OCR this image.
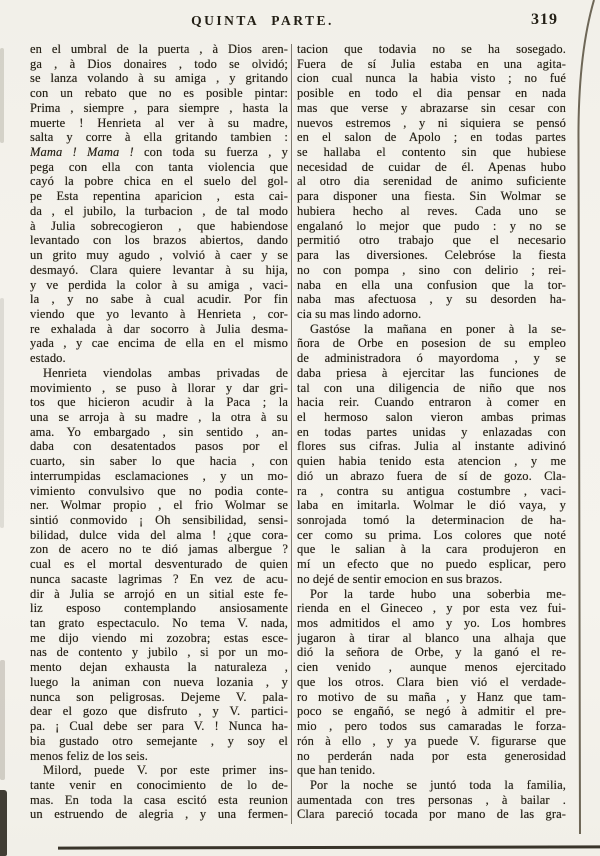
QUINTA PARTE.	319
en el umbral de la puerta , à Dios aren-
ga , à Dios donaires , todo se olvidó;
se lanza volando à su amiga , y gritando
con un rebato que no es posible pintar:
Prima , siempre , para siempre , hasta la
muerte ! Henrieta al ver à su madre,
salta y corre à ella gritando tambien :
Mama ! Mama ! con toda su fuerza , y
pega con ella con tanta violencia que
cayó la pobre chica en el suelo del gol-
pe Esta repentina aparicion , esta cai-
da , el jubilo, la turbacion , de tal modo
à Julia sobrecogieron , que habiendose
levantado con los brazos abiertos, dando
un grito muy agudo , volvió à caer y se
desmayó. Clara quiere levantar à su hija,
y ve perdida la color à su amiga , vaci-
la , y no sabe à cual acudir. Por fin
viendo que yo levanto à Henrieta , cor-
re exhalada à dar socorro à Julia desma-
yada , y cae encima de ella en el mismo
estado.
Henrieta viendolas ambas privadas de
movimiento , se puso à llorar y dar gri-
tos que hicieron acudir à la Paca ; la
una se arroja à su madre , la otra à su
ama. Yo embargado , sin sentido , an-
daba con desatentados pasos por el
cuarto, sin saber lo que hacia , con
interrumpidas esclamaciones , y un mo-
vimiento convulsivo que no podia conte-
ner. Wolmar propio , el frio Wolmar se
sintió conmovido ¡ Oh sensibilidad, sensi-
bilidad, dulce vida del alma ! ¿que cora-
zon de acero no te dió jamas albergue ?
cual es el mortal desventurado de quien
nunca sacaste lagrimas ? En vez de acu-
dir à Julia se arrojó en un sitial este fe-
liz esposo contemplando ansiosamente
tan grato espectaculo. No tema V. nada,
me dijo viendo mi zozobra; estas esce-
nas de contento y jubilo , si por un mo-
mento dejan exhausta la naturaleza ,
luego la animan con nueva lozania , y
nunca son peligrosas. Dejeme V. pala-
dear el gozo que disfruto , y V. partici-
pa. ¡ Cual debe ser para V. ! Nunca ha-
bia gustado otro semejante , y soy el
menos feliz de los seis.
Milord, puede V. por este primer ins-
tante venir en conocimiento de lo de-
mas. En toda la casa escitó esta reunion
un estruendo de alegria , y una fermen-
tacion que todavia no se ha sosegado.
Fuera de sí Julia estaba en una agita-
cion cual nunca la habia visto ; no fué
posible en todo el dia pensar en nada
mas que verse y abrazarse sin cesar con
nuevos estremos , y ni siquiera se pensó
en el salon de Apolo ; en todas partes
se hallaba el contento sin que hubiese
necesidad de cuidar de él. Apenas hubo
al otro dia serenidad de animo suficiente
para disponer una fiesta. Sin Wolmar se
hubiera hecho al reves. Cada uno se
engalanó lo mejor que pudo : y no se
permitió otro trabajo que el necesario
para las diversiones. Celebróse la fiesta
no con pompa , sino con delirio ; rei-
naba en ella una confusion que la tor-
naba mas afectuosa , y su desorden ha-
cia su mas lindo adorno.
Gastóse la mañana en poner à la se-
ñora de Orbe en posesion de su empleo
de administradora ó mayordoma , y se
daba priesa à ejercitar las funciones de
tal con una diligencia de niño que nos
hacia reir. Cuando entraron à comer en
el hermoso salon vieron ambas primas
en todas partes unidas y enlazadas con
flores sus cifras. Julia al instante adivinó
quien habia tenido esta atencion , y me
dió un abrazo fuera de sí de gozo. Cla-
ra , contra su antigua costumbre , vaci-
laba en imitarla. Wolmar le dió vaya, y
sonrojada tomó la determinacion de ha-
cer como su prima. Los colores que noté
que le salian à la cara produjeron en
mí un efecto que no puedo esplicar, pero
no dejé de sentir emocion en sus brazos.
Por la tarde hubo una soberbia me-
rienda en el Gineceo , y por esta vez fui-
mos admitidos el amo y yo. Los hombres
jugaron à tirar al blanco una alhaja que
dió la señora de Orbe, y la ganó el re-
cien venido , aunque menos ejercitado
que los otros. Clara bien vió el verdade-
ro motivo de su maña , y Hanz que tam-
poco se engañó, se negó à admitir el pre-
mio , pero todos sus camaradas le forza-
rón à ello , y ya puede V. figurarse que
no perderán nada por esta generosidad
que han tenido.
Por la noche se juntó toda la familia,
aumentada con tres personas , à bailar .
Clara pareció tocada por mano de las gra-
